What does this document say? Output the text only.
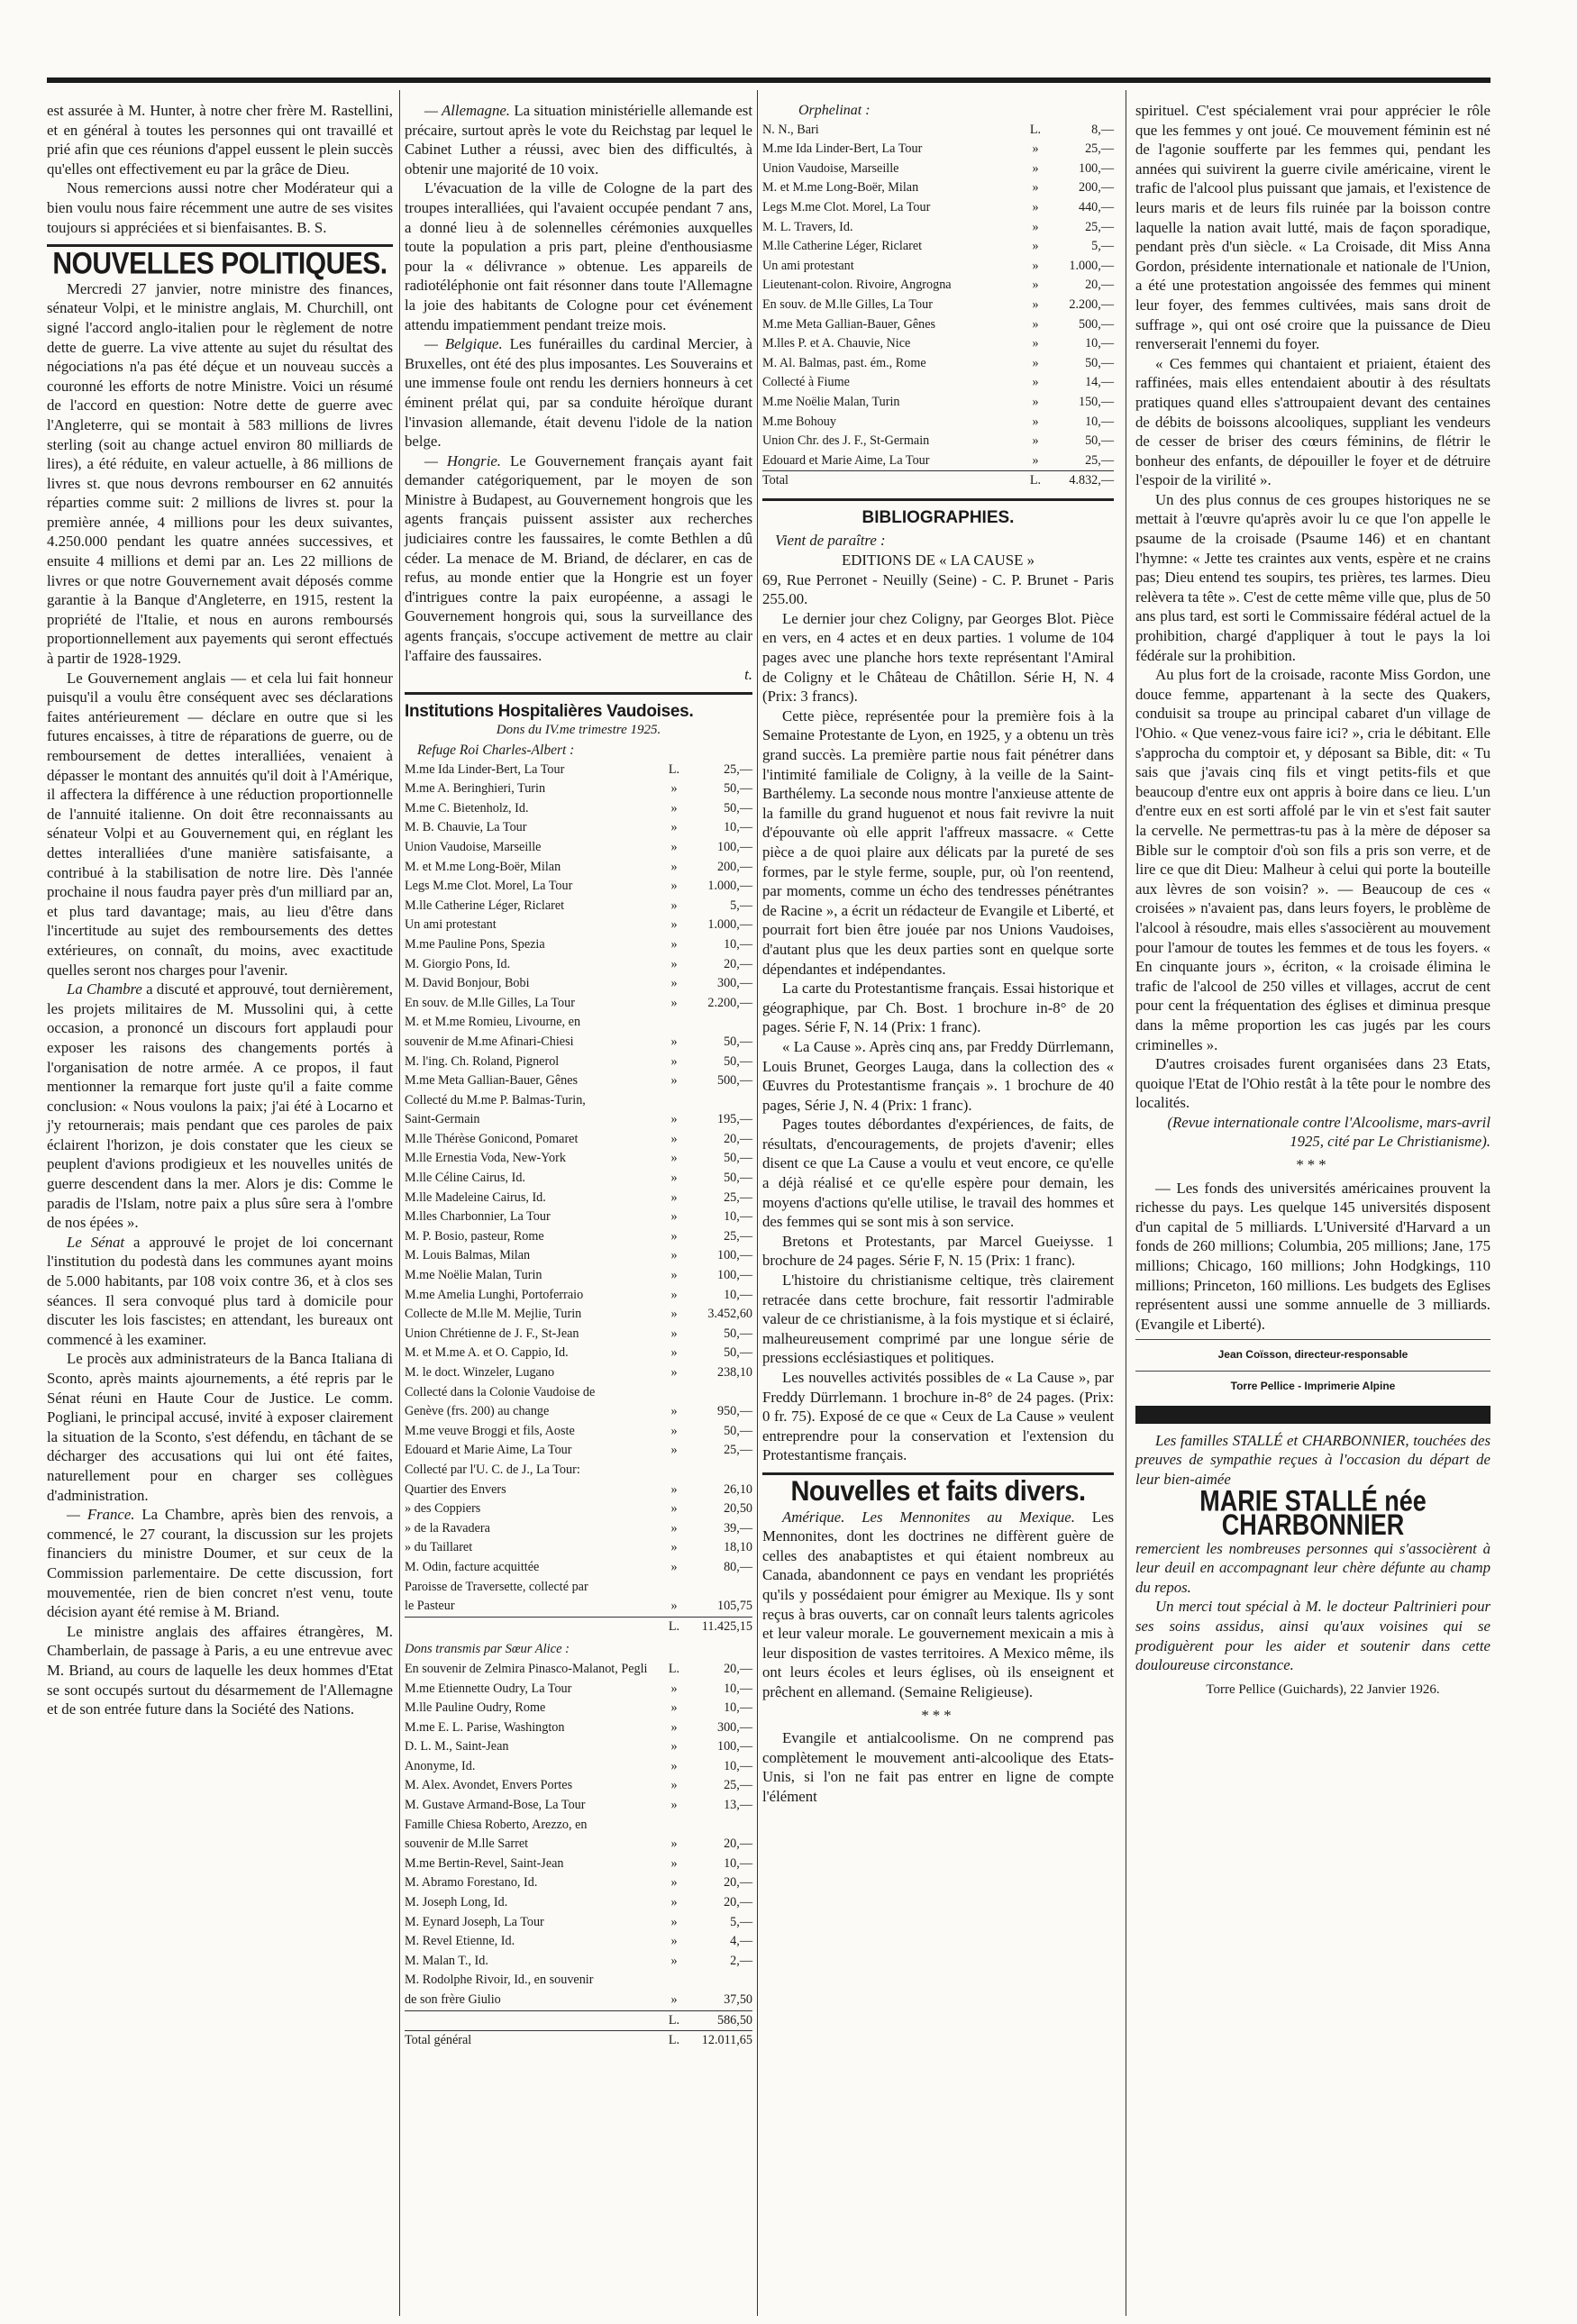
est assurée à M. Hunter, à notre cher frère M. Rastellini, et en général à toutes les personnes qui ont travaillé et prié afin que ces réunions d'appel eussent le plein succès qu'elles ont effectivement eu par la grâce de Dieu.

Nous remercions aussi notre cher Modérateur qui a bien voulu nous faire récemment une autre de ses visites toujours si appréciées et si bienfaisantes. B. S.

NOUVELLES POLITIQUES.

Mercredi 27 janvier, notre ministre des finances, sénateur Volpi, et le ministre anglais, M. Churchill, ont signé l'accord anglo-italien pour le règlement de notre dette de guerre. La vive attente au sujet du résultat des négociations n'a pas été déçue et un nouveau succès a couronné les efforts de notre Ministre. Voici un résumé de l'accord en question: Notre dette de guerre avec l'Angleterre, qui se montait à 583 millions de livres sterling (soit au change actuel environ 80 milliards de lires), a été réduite, en valeur actuelle, à 86 millions de livres st. que nous devrons rembourser en 62 annuités réparties comme suit: 2 millions de livres st. pour la première année, 4 millions pour les deux suivantes, 4.250.000 pendant les quatre années successives, et ensuite 4 millions et demi par an. Les 22 millions de livres or que notre Gouvernement avait déposés comme garantie à la Banque d'Angleterre, en 1915, restent la propriété de l'Italie, et nous en aurons remboursés proportionnellement aux payements qui seront effectués à partir de 1928-1929.

Le Gouvernement anglais — et cela lui fait honneur puisqu'il a voulu être conséquent avec ses déclarations faites antérieurement — déclare en outre que si les futures encaisses, à titre de réparations de guerre, ou de remboursement de dettes interalliées, venaient à dépasser le montant des annuités qu'il doit à l'Amérique, il affectera la différence à une réduction proportionnelle de l'annuité italienne. On doit être reconnaissants au sénateur Volpi et au Gouvernement qui, en réglant les dettes interalliées d'une manière satisfaisante, a contribué à la stabilisation de notre lire. Dès l'année prochaine il nous faudra payer près d'un milliard par an, et plus tard davantage; mais, au lieu d'être dans l'incertitude au sujet des remboursements des dettes extérieures, on connaît, du moins, avec exactitude quelles seront nos charges pour l'avenir.

La Chambre a discuté et approuvé, tout dernièrement, les projets militaires de M. Mussolini qui, à cette occasion, a prononcé un discours fort applaudi pour exposer les raisons des changements portés à l'organisation de notre armée. A ce propos, il faut mentionner la remarque fort juste qu'il a faite comme conclusion: « Nous voulons la paix; j'ai été à Locarno et j'y retournerais; mais pendant que ces paroles de paix éclairent l'horizon, je dois constater que les cieux se peuplent d'avions prodigieux et les nouvelles unités de guerre descendent dans la mer. Alors je dis: Comme le paradis de l'Islam, notre paix a plus sûre sera à l'ombre de nos épées ».

Le Sénat a approuvé le projet de loi concernant l'institution du podestà dans les communes ayant moins de 5.000 habitants, par 108 voix contre 36, et à clos ses séances. Il sera convoqué plus tard à domicile pour discuter les lois fascistes; en attendant, les bureaux ont commencé à les examiner.

Le procès aux administrateurs de la Banca Italiana di Sconto, après maints ajournements, a été repris par le Sénat réuni en Haute Cour de Justice. Le comm. Pogliani, le principal accusé, invité à exposer clairement la situation de la Sconto, s'est défendu, en tâchant de se décharger des accusations qui lui ont été faites, naturellement pour en charger ses collègues d'administration.

— France. La Chambre, après bien des renvois, a commencé, le 27 courant, la discussion sur les projets financiers du ministre Doumer, et sur ceux de la Commission parlementaire. De cette discussion, fort mouvementée, rien de bien concret n'est venu, toute décision ayant été remise à M. Briand.

Le ministre anglais des affaires étrangères, M. Chamberlain, de passage à Paris, a eu une entrevue avec M. Briand, au cours de laquelle les deux hommes d'Etat se sont occupés surtout du désarmement de l'Allemagne et de son entrée future dans la Société des Nations.

— Allemagne. La situation ministérielle allemande est précaire, surtout après le vote du Reichstag par lequel le Cabinet Luther a réussi, avec bien des difficultés, à obtenir une majorité de 10 voix.

L'évacuation de la ville de Cologne de la part des troupes interalliées, qui l'avaient occupée pendant 7 ans, a donné lieu à de solennelles cérémonies auxquelles toute la population a pris part, pleine d'enthousiasme pour la « délivrance » obtenue. Les appareils de radiotéléphonie ont fait résonner dans toute l'Allemagne la joie des habitants de Cologne pour cet événement attendu impatiemment pendant treize mois.

— Belgique. Les funérailles du cardinal Mercier, à Bruxelles, ont été des plus imposantes. Les Souverains et une immense foule ont rendu les derniers honneurs à cet éminent prélat qui, par sa conduite héroïque durant l'invasion allemande, était devenu l'idole de la nation belge.

— Hongrie. Le Gouvernement français ayant fait demander catégoriquement, par le moyen de son Ministre à Budapest, au Gouvernement hongrois que les agents français puissent assister aux recherches judiciaires contre les faussaires, le comte Bethlen a dû céder. La menace de M. Briand, de déclarer, en cas de refus, au monde entier que la Hongrie est un foyer d'intrigues contre la paix européenne, a assagi le Gouvernement hongrois qui, sous la surveillance des agents français, s'occupe activement de mettre au clair l'affaire des faussaires.

t.
Institutions Hospitalières Vaudoises.
Dons du IV.me trimestre 1925.
Refuge Roi Charles-Albert :
M.me Ida Linder-Bert, La Tour	L.	25,—
M.me A. Beringhieri, Turin	»	50,—
M.me C. Bietenholz, Id.	»	50,—
M. B. Chauvie, La Tour	»	10,—
Union Vaudoise, Marseille	»	100,—
M. et M.me Long-Boër, Milan	»	200,—
Legs M.me Clot. Morel, La Tour	»	1.000,—
M.lle Catherine Léger, Riclaret	»	5,—
Un ami protestant	»	1.000,—
M.me Pauline Pons, Spezia	»	10,—
M. Giorgio Pons, Id.	»	20,—
M. David Bonjour, Bobi	»	300,—
En souv. de M.lle Gilles, La Tour	»	2.200,—
M. et M.me Romieu, Livourne, en
souvenir de M.me Afinari-Chiesi	»	50,—
M. l'ing. Ch. Roland, Pignerol	»	50,—
M.me Meta Gallian-Bauer, Gênes	»	500,—
Collecté du M.me P. Balmas-Turin,
Saint-Germain	»	195,—
M.lle Thérèse Gonicond, Pomaret	»	20,—
M.lle Ernestia Voda, New-York	»	50,—
M.lle Céline Cairus, Id.	»	50,—
M.lle Madeleine Cairus, Id.	»	25,—
M.lles Charbonnier, La Tour	»	10,—
M. P. Bosio, pasteur, Rome	»	25,—
M. Louis Balmas, Milan	»	100,—
M.me Noëlie Malan, Turin	»	100,—
M.me Amelia Lunghi, Portoferraio	»	10,—
Collecte de M.lle M. Mejlie, Turin	»	3.452,60
Union Chrétienne de J. F., St-Jean	»	50,—
M. et M.me A. et O. Cappio, Id.	»	50,—
M. le doct. Winzeler, Lugano	»	238,10
Collecté dans la Colonie Vaudoise de
Genève (frs. 200) au change	»	950,—
M.me veuve Broggi et fils, Aoste	»	50,—
Edouard et Marie Aime, La Tour	»	25,—
Collecté par l'U. C. de J., La Tour:
Quartier des Envers	»	26,10
» des Coppiers	»	20,50
» de la Ravadera	»	39,—
» du Taillaret	»	18,10
M. Odin, facture acquittée	»	80,—
Paroisse de Traversette, collecté par
le Pasteur	»	105,75
L.	11.425,15
Dons transmis par Sœur Alice :
En souvenir de Zelmira Pinasco-Malanot, Pegli	L.	20,—
M.me Etiennette Oudry, La Tour	»	10,—
M.lle Pauline Oudry, Rome	»	10,—
M.me E. L. Parise, Washington	»	300,—
D. L. M., Saint-Jean	»	100,—
Anonyme, Id.	»	10,—
M. Alex. Avondet, Envers Portes	»	25,—
M. Gustave Armand-Bose, La Tour	»	13,—
Famille Chiesa Roberto, Arezzo, en
souvenir de M.lle Sarret	»	20,—
M.me Bertin-Revel, Saint-Jean	»	10,—
M. Abramo Forestano, Id.	»	20,—
M. Joseph Long, Id.	»	20,—
M. Eynard Joseph, La Tour	»	5,—
M. Revel Etienne, Id.	»	4,—
M. Malan T., Id.	»	2,—
M. Rodolphe Rivoir, Id., en souvenir
de son frère Giulio	»	37,50
L.	586,50
Total général	L.	12.011,65
Orphelinat :
N. N., Bari	L.	8,—
M.me Ida Linder-Bert, La Tour	»	25,—
Union Vaudoise, Marseille	»	100,—
M. et M.me Long-Boër, Milan	»	200,—
Legs M.me Clot. Morel, La Tour	»	440,—
M. L. Travers, Id.	»	25,—
M.lle Catherine Léger, Riclaret	»	5,—
Un ami protestant	»	1.000,—
Lieutenant-colon. Rivoire, Angrogna	»	20,—
En souv. de M.lle Gilles, La Tour	»	2.200,—
M.me Meta Gallian-Bauer, Gênes	»	500,—
M.lles P. et A. Chauvie, Nice	»	10,—
M. Al. Balmas, past. ém., Rome	»	50,—
Collecté à Fiume	»	14,—
M.me Noëlie Malan, Turin	»	150,—
M.me Bohouy	»	10,—
Union Chr. des J. F., St-Germain	»	50,—
Edouard et Marie Aime, La Tour	»	25,—
Total	L.	4.832,—
BIBLIOGRAPHIES.
Vient de paraître :
EDITIONS DE « LA CAUSE »

69, Rue Perronet - Neuilly (Seine) - C. P. Brunet - Paris 255.00.

Le dernier jour chez Coligny, par Georges Blot. Pièce en vers, en 4 actes et en deux parties. 1 volume de 104 pages avec une planche hors texte représentant l'Amiral de Coligny et le Château de Châtillon. Série H, N. 4 (Prix: 3 francs).

Cette pièce, représentée pour la première fois à la Semaine Protestante de Lyon, en 1925, y a obtenu un très grand succès. La première partie nous fait pénétrer dans l'intimité familiale de Coligny, à la veille de la Saint-Barthélemy. La seconde nous montre l'anxieuse attente de la famille du grand huguenot et nous fait revivre la nuit d'épouvante où elle apprit l'affreux massacre. « Cette pièce a de quoi plaire aux délicats par la pureté de ses formes, par le style ferme, souple, pur, où l'on reentend, par moments, comme un écho des tendresses pénétrantes de Racine », a écrit un rédacteur de Evangile et Liberté, et pourrait fort bien être jouée par nos Unions Vaudoises, d'autant plus que les deux parties sont en quelque sorte dépendantes et indépendantes.

La carte du Protestantisme français. Essai historique et géographique, par Ch. Bost. 1 brochure in-8° de 20 pages. Série F, N. 14 (Prix: 1 franc).

« La Cause ». Après cinq ans, par Freddy Dürrlemann, Louis Brunet, Georges Lauga, dans la collection des « Œuvres du Protestantisme français ». 1 brochure de 40 pages, Série J, N. 4 (Prix: 1 franc).

Pages toutes débordantes d'expériences, de faits, de résultats, d'encouragements, de projets d'avenir; elles disent ce que La Cause a voulu et veut encore, ce qu'elle a déjà réalisé et ce qu'elle espère pour demain, les moyens d'actions qu'elle utilise, le travail des hommes et des femmes qui se sont mis à son service.

Bretons et Protestants, par Marcel Gueiysse. 1 brochure de 24 pages. Série F, N. 15 (Prix: 1 franc).

L'histoire du christianisme celtique, très clairement retracée dans cette brochure, fait ressortir l'admirable valeur de ce christianisme, à la fois mystique et si éclairé, malheureusement comprimé par une longue série de pressions ecclésiastiques et politiques.

Les nouvelles activités possibles de « La Cause », par Freddy Dürrlemann. 1 brochure in-8° de 24 pages. (Prix: 0 fr. 75). Exposé de ce que « Ceux de La Cause » veulent entreprendre pour la conservation et l'extension du Protestantisme français.

Nouvelles et faits divers.

Amérique. Les Mennonites au Mexique. Les Mennonites, dont les doctrines ne diffèrent guère de celles des anabaptistes et qui étaient nombreux au Canada, abandonnent ce pays en vendant les propriétés qu'ils y possédaient pour émigrer au Mexique. Ils y sont reçus à bras ouverts, car on connaît leurs talents agricoles et leur valeur morale. Le gouvernement mexicain a mis à leur disposition de vastes territoires. A Mexico même, ils ont leurs écoles et leurs églises, où ils enseignent et prêchent en allemand. (Semaine Religieuse).

***

Evangile et antialcoolisme. On ne comprend pas complètement le mouvement anti-alcoolique des Etats-Unis, si l'on ne fait pas entrer en ligne de compte l'élément

spirituel. C'est spécialement vrai pour apprécier le rôle que les femmes y ont joué. Ce mouvement féminin est né de l'agonie soufferte par les femmes qui, pendant les années qui suivirent la guerre civile américaine, virent le trafic de l'alcool plus puissant que jamais, et l'existence de leurs maris et de leurs fils ruinée par la boisson contre laquelle la nation avait lutté, mais de façon sporadique, pendant près d'un siècle. « La Croisade, dit Miss Anna Gordon, présidente internationale et nationale de l'Union, a été une protestation angoissée des femmes qui minent leur foyer, des femmes cultivées, mais sans droit de suffrage », qui ont osé croire que la puissance de Dieu renverserait l'ennemi du foyer.

« Ces femmes qui chantaient et priaient, étaient des raffinées, mais elles entendaient aboutir à des résultats pratiques quand elles s'attroupaient devant des centaines de débits de boissons alcooliques, suppliant les vendeurs de cesser de briser des cœurs féminins, de flétrir le bonheur des enfants, de dépouiller le foyer et de détruire l'espoir de la virilité ».

Un des plus connus de ces groupes historiques ne se mettait à l'œuvre qu'après avoir lu ce que l'on appelle le psaume de la croisade (Psaume 146) et en chantant l'hymne: « Jette tes craintes aux vents, espère et ne crains pas; Dieu entend tes soupirs, tes prières, tes larmes. Dieu relèvera ta tête ». C'est de cette même ville que, plus de 50 ans plus tard, est sorti le Commissaire fédéral actuel de la prohibition, chargé d'appliquer à tout le pays la loi fédérale sur la prohibition.

Au plus fort de la croisade, raconte Miss Gordon, une douce femme, appartenant à la secte des Quakers, conduisit sa troupe au principal cabaret d'un village de l'Ohio. « Que venez-vous faire ici? », cria le débitant. Elle s'approcha du comptoir et, y déposant sa Bible, dit: « Tu sais que j'avais cinq fils et vingt petits-fils et que beaucoup d'entre eux ont appris à boire dans ce lieu. L'un d'entre eux en est sorti affolé par le vin et s'est fait sauter la cervelle. Ne permettras-tu pas à la mère de déposer sa Bible sur le comptoir d'où son fils a pris son verre, et de lire ce que dit Dieu: Malheur à celui qui porte la bouteille aux lèvres de son voisin? ». — Beaucoup de ces « croisées » n'avaient pas, dans leurs foyers, le problème de l'alcool à résoudre, mais elles s'associèrent au mouvement pour l'amour de toutes les femmes et de tous les foyers. « En cinquante jours », écriton, « la croisade élimina le trafic de l'alcool de 250 villes et villages, accrut de cent pour cent la fréquentation des églises et diminua presque dans la même proportion les cas jugés par les cours criminelles ».

D'autres croisades furent organisées dans 23 Etats, quoique l'Etat de l'Ohio restât à la tête pour le nombre des localités.

(Revue internationale contre l'Alcoolisme, mars-avril 1925, cité par Le Christianisme).

***

— Les fonds des universités américaines prouvent la richesse du pays. Les quelque 145 universités disposent d'un capital de 5 milliards. L'Université d'Harvard a un fonds de 260 millions; Columbia, 205 millions; Jane, 175 millions; Chicago, 160 millions; John Hodgkings, 110 millions; Princeton, 160 millions. Les budgets des Eglises représentent aussi une somme annuelle de 3 milliards. (Evangile et Liberté).

Jean Coïsson, directeur-responsable
Torre Pellice - Imprimerie Alpine

Les familles STALLÉ et CHARBONNIER, touchées des preuves de sympathie reçues à l'occasion du départ de leur bien-aimée

MARIE STALLÉ née CHARBONNIER

remercient les nombreuses personnes qui s'associèrent à leur deuil en accompagnant leur chère défunte au champ du repos.

Un merci tout spécial à M. le docteur Paltrinieri pour ses soins assidus, ainsi qu'aux voisines qui se prodiguèrent pour les aider et soutenir dans cette douloureuse circonstance.

Torre Pellice (Guichards), 22 Janvier 1926.
